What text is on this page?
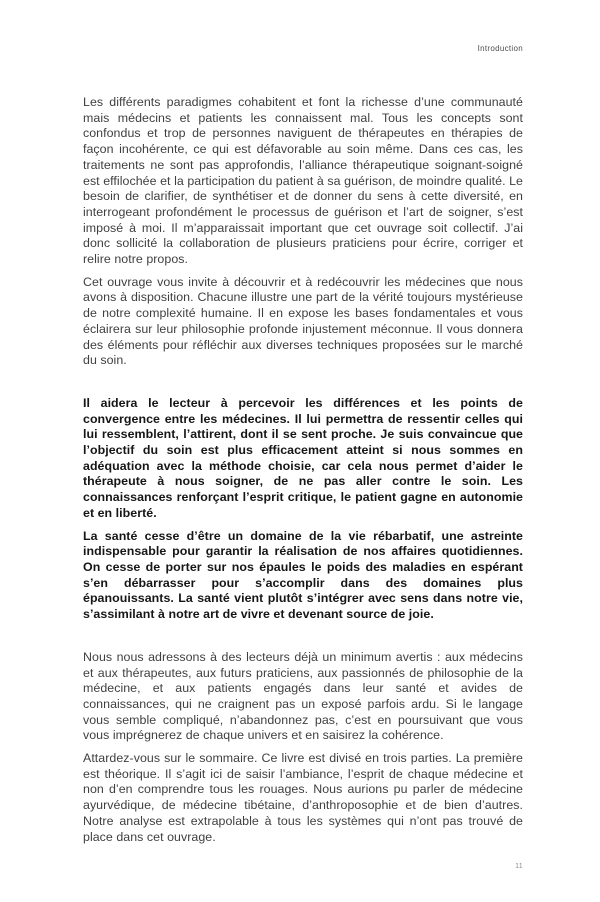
Introduction

Les différents paradigmes cohabitent et font la richesse d’une communauté mais médecins et patients les connaissent mal. Tous les concepts sont confondus et trop de personnes naviguent de thérapeutes en thérapies de façon incohérente, ce qui est défavorable au soin même. Dans ces cas, les traitements ne sont pas approfondis, l’alliance thérapeutique soignant-soigné est effilochée et la participation du patient à sa guérison, de moindre qualité. Le besoin de clarifier, de synthétiser et de donner du sens à cette diversité, en interrogeant profondément le processus de guérison et l’art de soigner, s’est imposé à moi. Il m’apparaissait important que cet ouvrage soit collectif. J’ai donc sollicité la collaboration de plusieurs praticiens pour écrire, corriger et relire notre propos.

Cet ouvrage vous invite à découvrir et à redécouvrir les médecines que nous avons à disposition. Chacune illustre une part de la vérité toujours mystérieuse de notre complexité humaine. Il en expose les bases fondamentales et vous éclairera sur leur philosophie profonde injustement méconnue. Il vous donnera des éléments pour réfléchir aux diverses techniques proposées sur le marché du soin.

Il aidera le lecteur à percevoir les différences et les points de convergence entre les médecines. Il lui permettra de ressentir celles qui lui ressemblent, l’attirent, dont il se sent proche. Je suis convaincue que l’objectif du soin est plus efficacement atteint si nous sommes en adéquation avec la méthode choisie, car cela nous permet d’aider le thérapeute à nous soigner, de ne pas aller contre le soin. Les connaissances renforçant l’esprit critique, le patient gagne en autonomie et en liberté.

La santé cesse d’être un domaine de la vie rébarbatif, une astreinte indispensable pour garantir la réalisation de nos affaires quotidiennes. On cesse de porter sur nos épaules le poids des maladies en espérant s’en débarrasser pour s’accomplir dans des domaines plus épanouissants. La santé vient plutôt s’intégrer avec sens dans notre vie, s’assimilant à notre art de vivre et devenant source de joie.

Nous nous adressons à des lecteurs déjà un minimum avertis : aux médecins et aux thérapeutes, aux futurs praticiens, aux passionnés de philosophie de la médecine, et aux patients engagés dans leur santé et avides de connaissances, qui ne craignent pas un exposé parfois ardu. Si le langage vous semble compliqué, n’abandonnez pas, c’est en poursuivant que vous vous imprégnerez de chaque univers et en saisirez la cohérence.

Attardez-vous sur le sommaire. Ce livre est divisé en trois parties. La première est théorique. Il s’agit ici de saisir l’ambiance, l’esprit de chaque médecine et non d’en comprendre tous les rouages. Nous aurions pu parler de médecine ayurvédique, de médecine tibétaine, d’anthroposophie et de bien d’autres. Notre analyse est extrapolable à tous les systèmes qui n’ont pas trouvé de place dans cet ouvrage.

11
